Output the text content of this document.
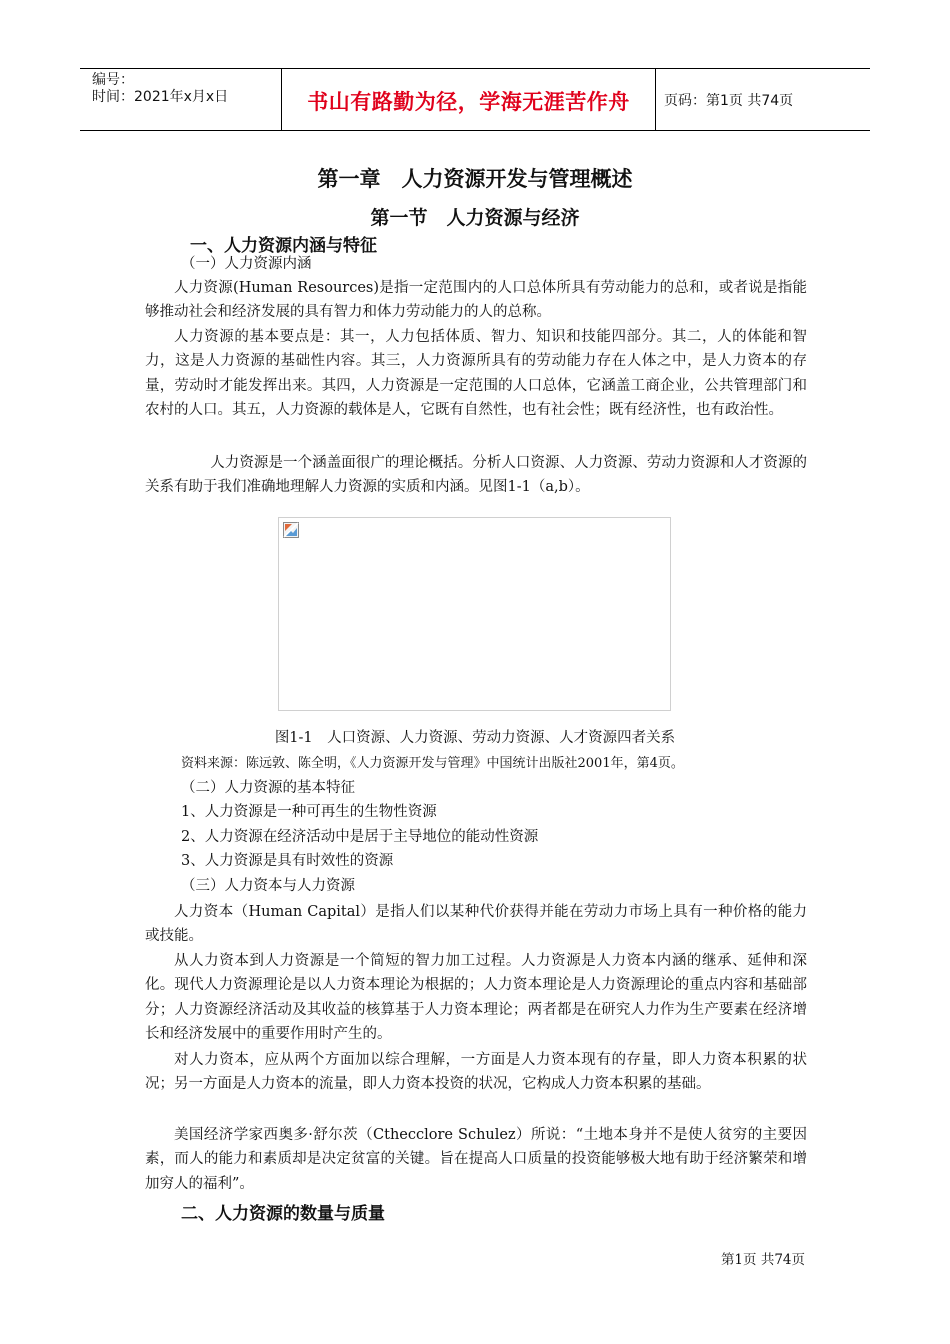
编号：
时间：2021年x月x日	书山有路勤为径，学海无涯苦作舟	页码：第1页 共74页
第一章　人力资源开发与管理概述
第一节　人力资源与经济
一、人力资源内涵与特征
（一）人力资源内涵
人力资源(Human Resources)是指一定范围内的人口总体所具有劳动能力的总和，或者说是指能够推动社会和经济发展的具有智力和体力劳动能力的人的总称。
人力资源的基本要点是：其一，人力包括体质、智力、知识和技能四部分。其二，人的体能和智力，这是人力资源的基础性内容。其三，人力资源所具有的劳动能力存在人体之中，是人力资本的存量，劳动时才能发挥出来。其四，人力资源是一定范围的人口总体，它涵盖工商企业，公共管理部门和农村的人口。其五，人力资源的载体是人，它既有自然性，也有社会性；既有经济性，也有政治性。
人力资源是一个涵盖面很广的理论概括。分析人口资源、人力资源、劳动力资源和人才资源的关系有助于我们准确地理解人力资源的实质和内涵。见图1-1（a,b）。
图1-1　人口资源、人力资源、劳动力资源、人才资源四者关系
资料来源：陈远敦、陈全明，《人力资源开发与管理》中国统计出版社2001年，第4页。
（二）人力资源的基本特征
1、人力资源是一种可再生的生物性资源
2、人力资源在经济活动中是居于主导地位的能动性资源
3、人力资源是具有时效性的资源
（三）人力资本与人力资源
人力资本（Human Capital）是指人们以某种代价获得并能在劳动力市场上具有一种价格的能力或技能。
从人力资本到人力资源是一个简短的智力加工过程。人力资源是人力资本内涵的继承、延伸和深化。现代人力资源理论是以人力资本理论为根据的；人力资本理论是人力资源理论的重点内容和基础部分；人力资源经济活动及其收益的核算基于人力资本理论；两者都是在研究人力作为生产要素在经济增长和经济发展中的重要作用时产生的。
对人力资本，应从两个方面加以综合理解，一方面是人力资本现有的存量，即人力资本积累的状况；另一方面是人力资本的流量，即人力资本投资的状况，它构成人力资本积累的基础。
美国经济学家西奥多·舒尔茨（Cthecclore Schulez）所说：“土地本身并不是使人贫穷的主要因素，而人的能力和素质却是决定贫富的关键。旨在提高人口质量的投资能够极大地有助于经济繁荣和增加穷人的福利”。
二、人力资源的数量与质量
第1页 共74页
